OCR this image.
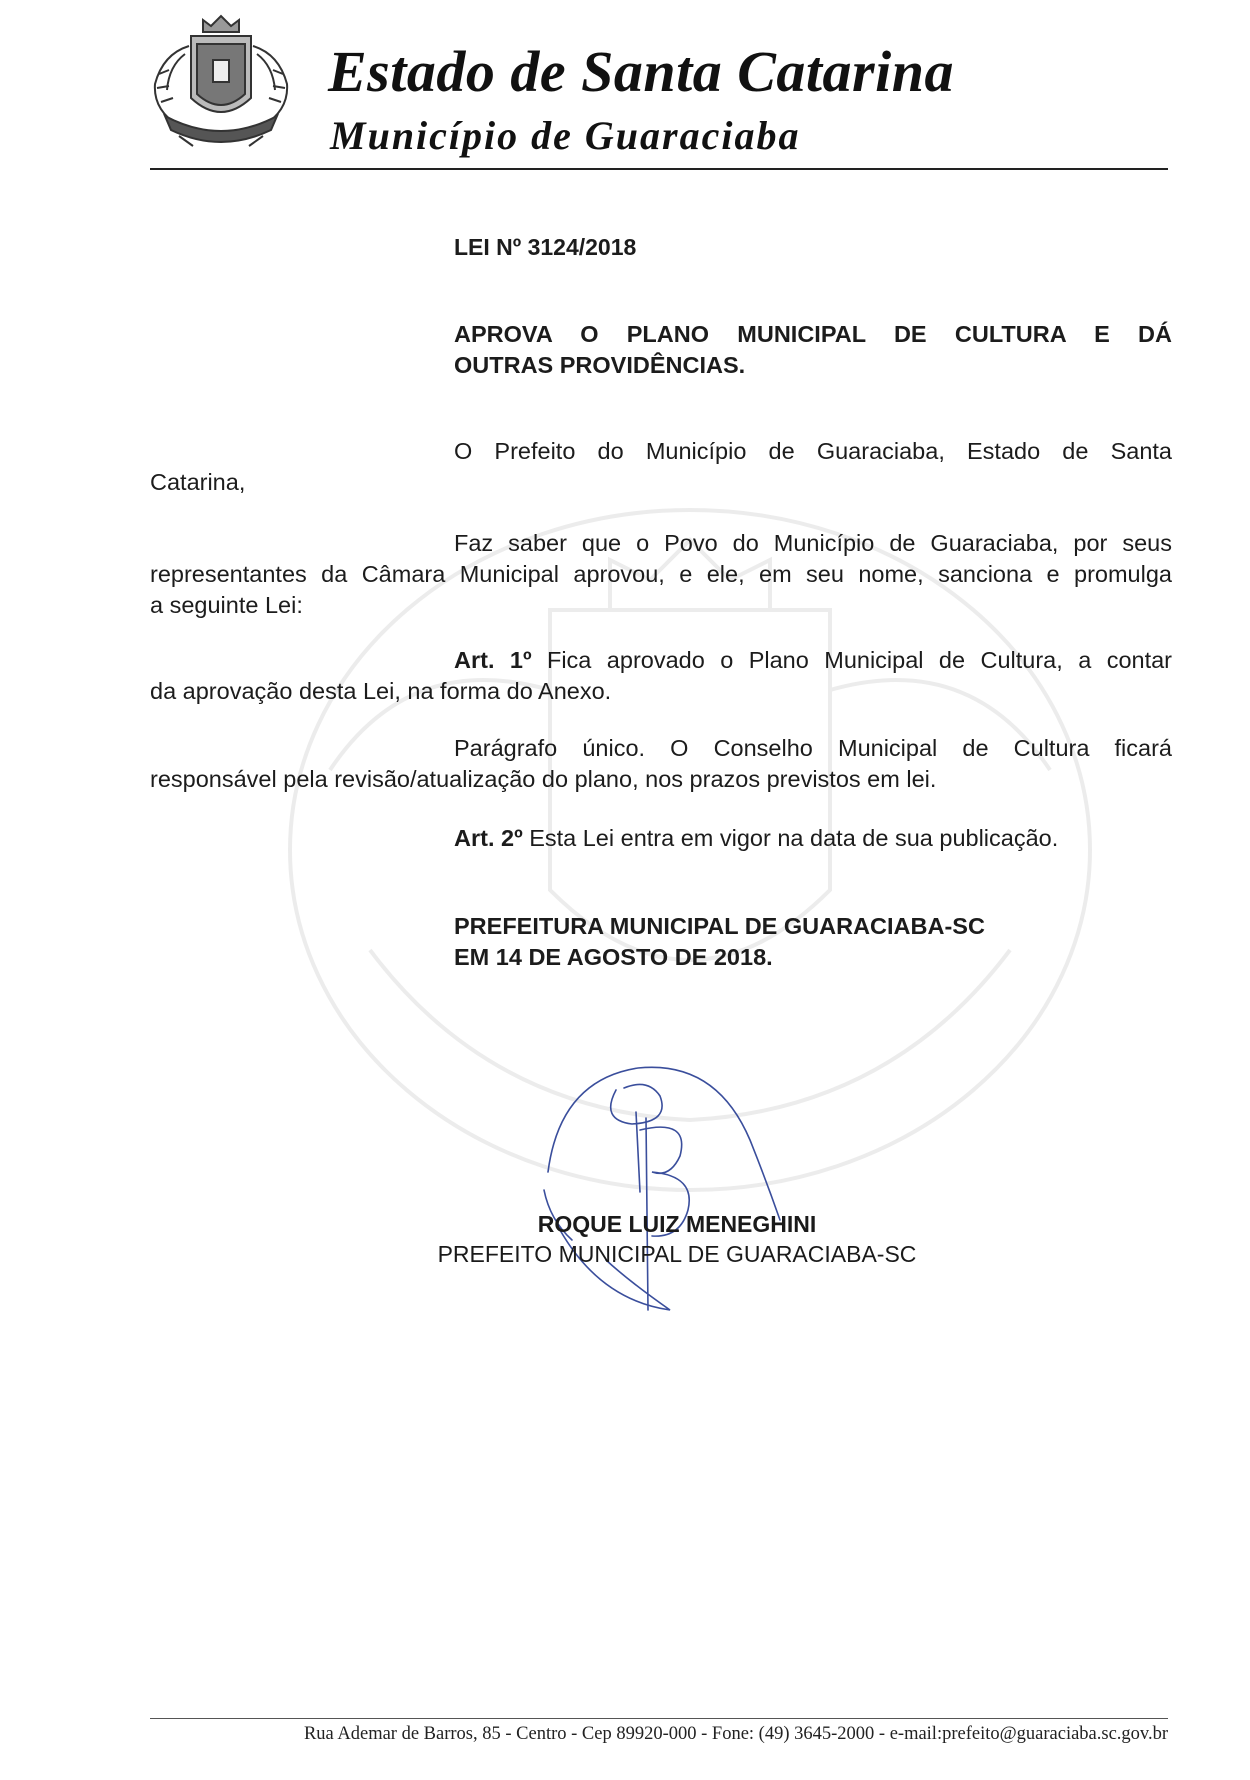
Estado de Santa Catarina
Município de Guaraciaba
LEI Nº 3124/2018
APROVA O PLANO MUNICIPAL DE CULTURA E DÁ
OUTRAS PROVIDÊNCIAS.
O Prefeito do Município de Guaraciaba, Estado de Santa
Catarina,
Faz saber que o Povo do Município de Guaraciaba, por seus
representantes da Câmara Municipal aprovou, e ele, em seu nome, sanciona e promulga
a seguinte Lei:
Art. 1º Fica aprovado o Plano Municipal de Cultura, a contar
da aprovação desta Lei, na forma do Anexo.
Parágrafo único. O Conselho Municipal de Cultura ficará
responsável pela revisão/atualização do plano, nos prazos previstos em lei.
Art. 2º Esta Lei entra em vigor na data de sua publicação.
PREFEITURA MUNICIPAL DE GUARACIABA-SC
EM 14 DE AGOSTO DE 2018.
ROQUE LUIZ MENEGHINI
PREFEITO MUNICIPAL DE GUARACIABA-SC
Rua Ademar de Barros, 85 - Centro - Cep 89920-000 - Fone: (49) 3645-2000 - e-mail:prefeito@guaraciaba.sc.gov.br
